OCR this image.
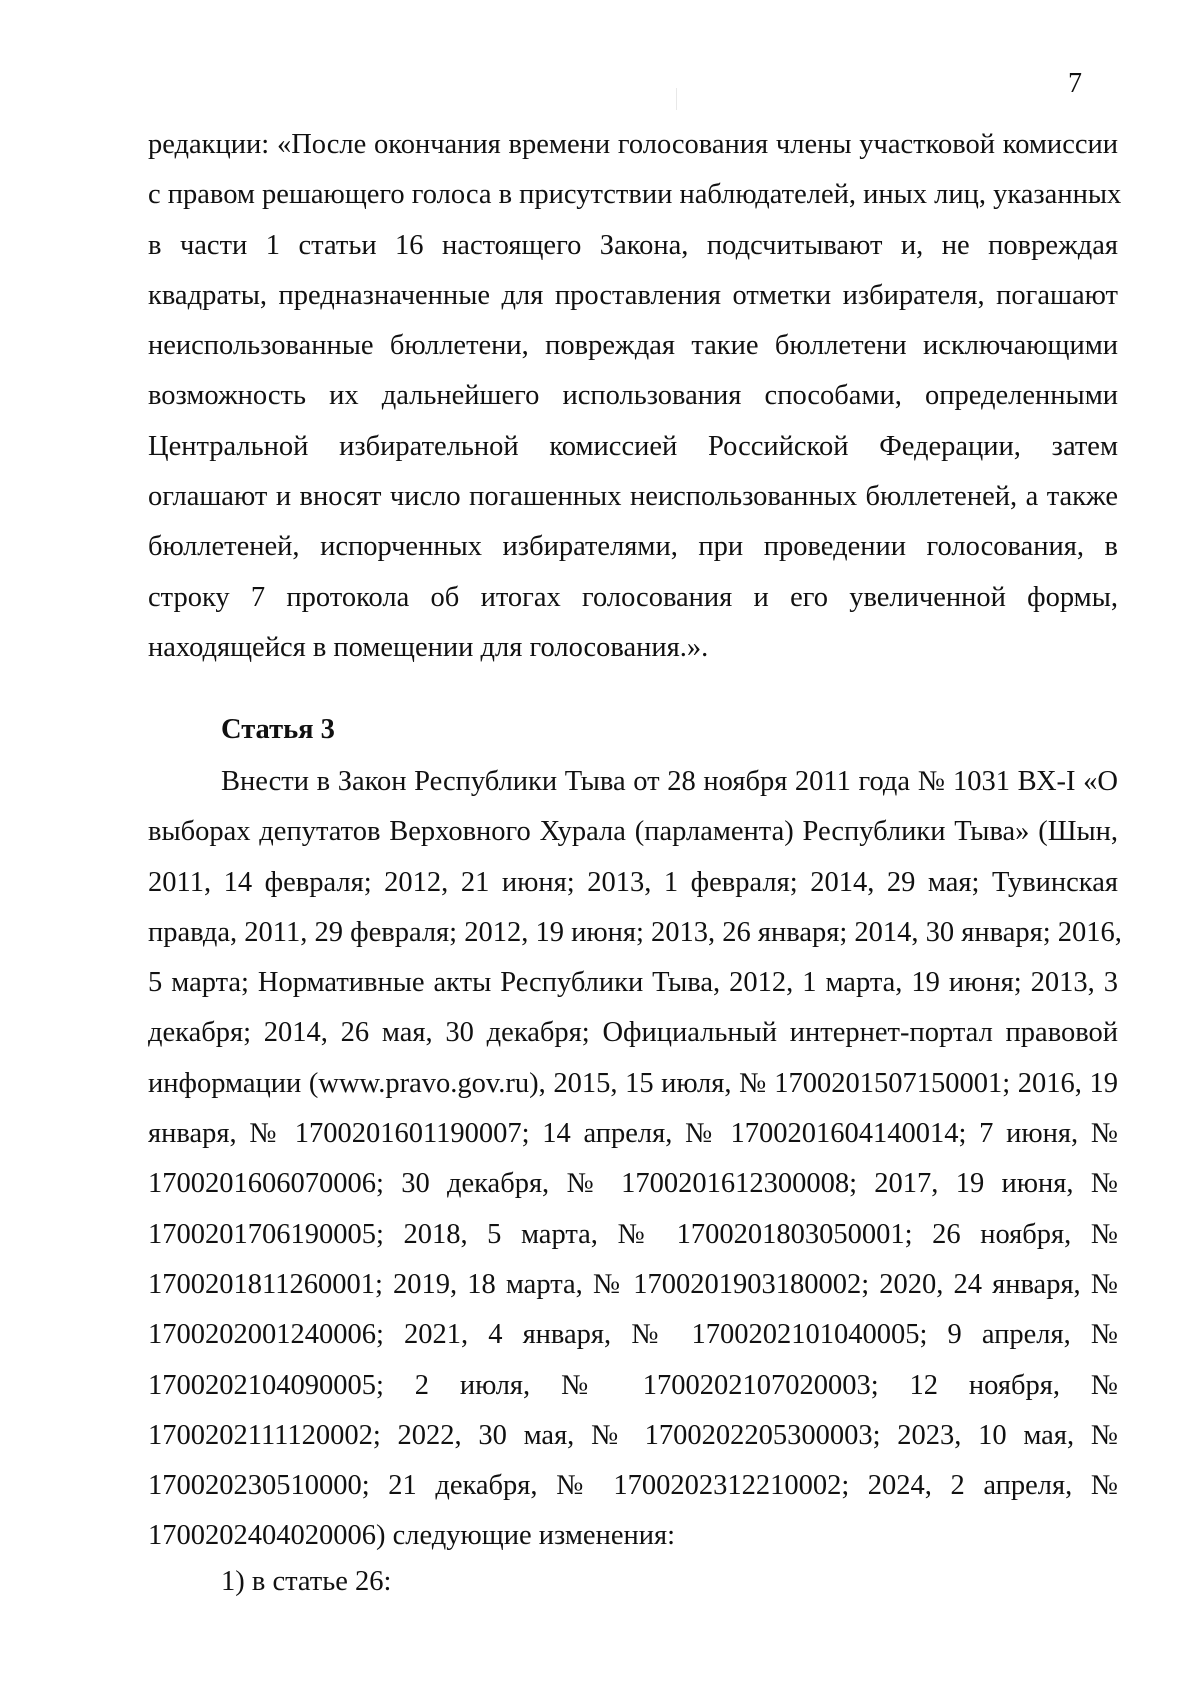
7
редакции: «После окончания времени голосования члены участковой комиссии
с правом решающего голоса в присутствии наблюдателей, иных лиц, указанных
в части 1 статьи 16 настоящего Закона, подсчитывают и, не повреждая
квадраты, предназначенные для проставления отметки избирателя, погашают
неиспользованные бюллетени, повреждая такие бюллетени исключающими
возможность их дальнейшего использования способами, определенными
Центральной избирательной комиссией Российской Федерации, затем
оглашают и вносят число погашенных неиспользованных бюллетеней, а также
бюллетеней, испорченных избирателями, при проведении голосования, в
строку 7 протокола об итогах голосования и его увеличенной формы,
находящейся в помещении для голосования.».
Статья 3
Внести в Закон Республики Тыва от 28 ноября 2011 года № 1031 ВХ-I «О
выборах депутатов Верховного Хурала (парламента) Республики Тыва» (Шын,
2011, 14 февраля; 2012, 21 июня; 2013, 1 февраля; 2014, 29 мая; Тувинская
правда, 2011, 29 февраля; 2012, 19 июня; 2013, 26 января; 2014, 30 января; 2016,
5 марта; Нормативные акты Республики Тыва, 2012, 1 марта, 19 июня; 2013, 3
декабря; 2014, 26 мая, 30 декабря; Официальный интернет-портал правовой
информации (www.pravo.gov.ru), 2015, 15 июля, № 1700201507150001; 2016, 19
января, № 1700201601190007; 14 апреля, № 1700201604140014; 7 июня, №
1700201606070006; 30 декабря, № 1700201612300008; 2017, 19 июня, №
1700201706190005; 2018, 5 марта, № 1700201803050001; 26 ноября, №
1700201811260001; 2019, 18 марта, № 1700201903180002; 2020, 24 января, №
1700202001240006; 2021, 4 января, № 1700202101040005; 9 апреля, №
1700202104090005; 2 июля, № 1700202107020003; 12 ноября, №
1700202111120002; 2022, 30 мая, № 1700202205300003; 2023, 10 мая, №
170020230510000; 21 декабря, № 1700202312210002; 2024, 2 апреля, №
1700202404020006) следующие изменения:
1) в статье 26:
